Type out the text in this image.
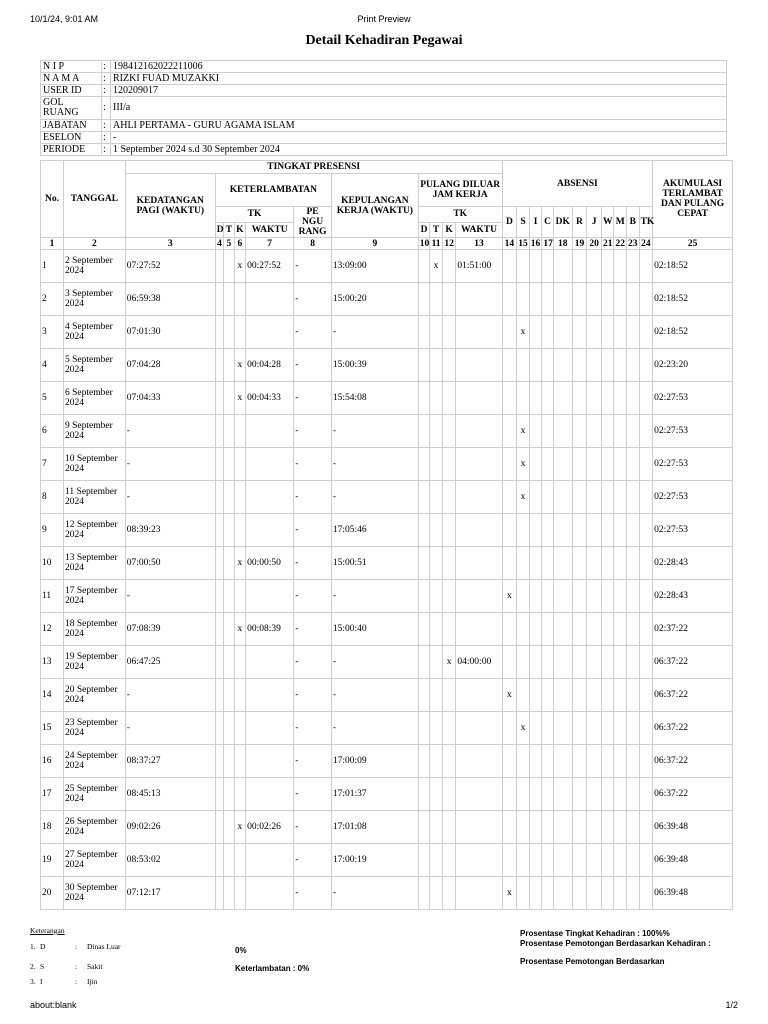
10/1/24, 9:01 AM	Print Preview
Detail Kehadiran Pegawai
N I P	:	198412162022211006
N A M A	:	RIZKI FUAD MUZAKKI
USER ID	:	120209017
GOL RUANG	:	III/a
JABATAN	:	AHLI PERTAMA - GURU AGAMA ISLAM
ESELON	:	-
PERIODE	:	1 September 2024 s.d 30 September 2024
No.	TANGGAL	TINGKAT PRESENSI											ABSENSI											AKUMULASI TERLAMBAT DAN PULANG CEPAT
		KEDATANGAN PAGI (WAKTU)	KETERLAMBATAN					KEPULANGAN KERJA (WAKTU)	PULANG DILUAR JAM KERJA															
			TK				PE NGU RANG		TK				D	S	I	C	DK	R	J	W	M	B	TK	
			D	T	K	WAKTU			D	T	K	WAKTU												
1	2	3	4	5	6	7	8	9	10	11	12	13	14	15	16	17	18	19	20	21	22	23	24	25
1	2 September 2024	07:27:52			x	00:27:52	-	13:09:00		x		01:51:00												02:18:52
2	3 September 2024	06:59:38					-	15:00:20																02:18:52
3	4 September 2024	07:01:30					-	-						x										02:18:52
4	5 September 2024	07:04:28			x	00:04:28	-	15:00:39																02:23:20
5	6 September 2024	07:04:33			x	00:04:33	-	15:54:08																02:27:53
6	9 September 2024	-					-	-						x										02:27:53
7	10 September 2024	-					-	-						x										02:27:53
8	11 September 2024	-					-	-						x										02:27:53
9	12 September 2024	08:39:23					-	17:05:46																02:27:53
10	13 September 2024	07:00:50			x	00:00:50	-	15:00:51																02:28:43
11	17 September 2024	-					-	-					x											02:28:43
12	18 September 2024	07:08:39			x	00:08:39	-	15:00:40																02:37:22
13	19 September 2024	06:47:25					-	-			x	04:00:00												06:37:22
14	20 September 2024	-					-	-					x											06:37:22
15	23 September 2024	-					-	-						x										06:37:22
16	24 September 2024	08:37:27					-	17:00:09																06:37:22
17	25 September 2024	08:45:13					-	17:01:37																06:37:22
18	26 September 2024	09:02:26			x	00:02:26	-	17:01:08																06:39:48
19	27 September 2024	08:53:02					-	17:00:19																06:39:48
20	30 September 2024	07:12:17					-	-					x											06:39:48
Keterangan
1. D	: Dinas Luar
2. S	: Sakit
3. I	: Ijin
0%
Keterlambatan : 0%
Prosentase Tingkat Kehadiran : 100%%
Prosentase Pemotongan Berdasarkan Kehadiran :
Prosentase Pemotongan Berdasarkan
about:blank	1/2
